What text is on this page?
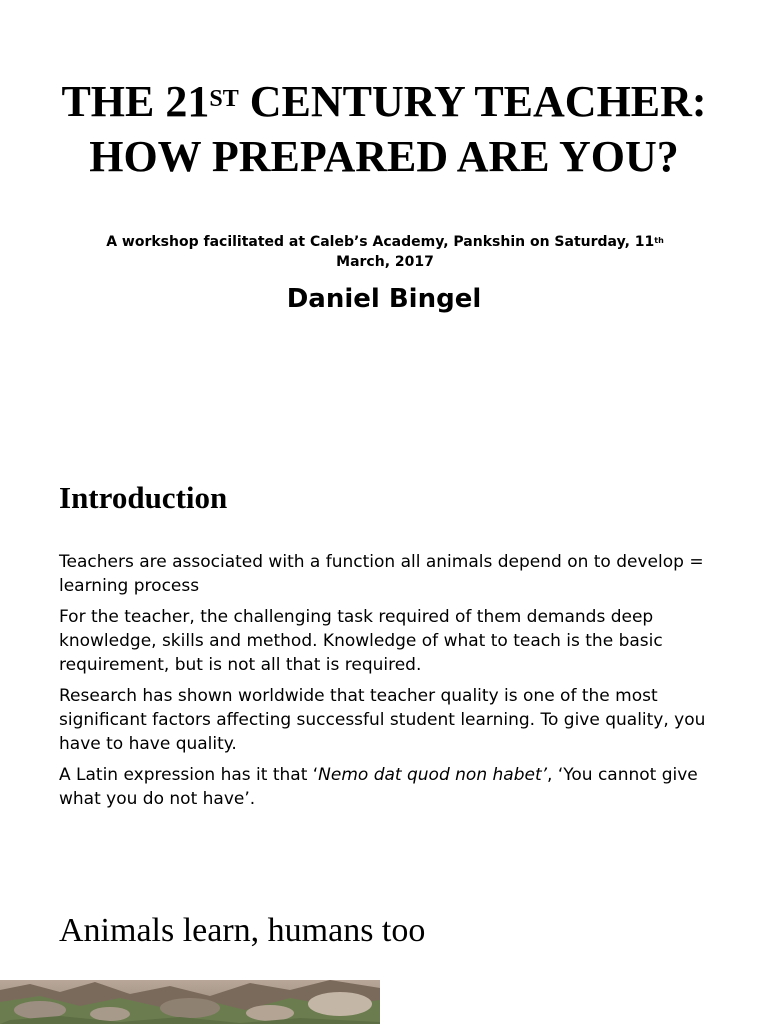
THE 21ST CENTURY TEACHER: HOW PREPARED ARE YOU?

A workshop facilitated at Caleb’s Academy, Pankshin on Saturday, 11th March, 2017

Daniel Bingel

Introduction

Teachers are associated with a function all animals depend on to develop = learning process

For the teacher, the challenging task required of them demands deep knowledge, skills and method. Knowledge of what to teach is the basic requirement, but is not all that is required.

Research has shown worldwide that teacher quality is one of the most significant factors affecting successful student learning. To give quality, you have to have quality.

A Latin expression has it that ‘Nemo dat quod non habet’, ‘You cannot give what you do not have’.

Animals learn, humans too
